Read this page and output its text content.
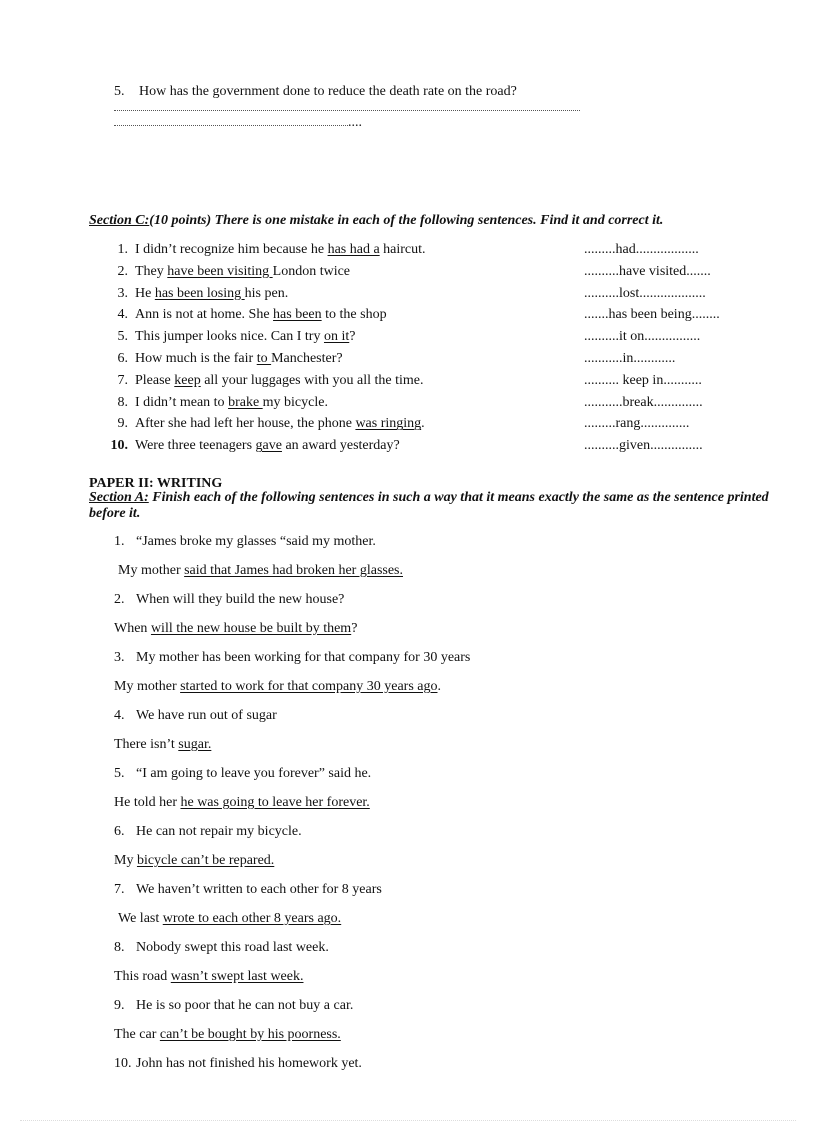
5. How has the government done to reduce the death rate on the road?
....
Section C:(10 points) There is one mistake in each of the following sentences. Find it and correct it.
1. I didn’t recognize him because he has had a haircut.	.........had..................
2. They have been visiting London twice	..........have visited.......
3. He has been losing his pen.	..........lost...................
4. Ann is not at home. She has been to the shop	.......has been being........
5. This jumper looks nice. Can I try on it?	..........it on................
6. How much is the fair to Manchester?	...........in............
7. Please keep all your luggages with you all the time.	.......... keep in...........
8. I didn’t mean to brake my bicycle.	...........break..............
9. After she had left her house, the phone was ringing.	.........rang..............
10. Were three teenagers gave an award yesterday?	..........given...............
PAPER II: WRITING
Section A: Finish each of the following sentences in such a way that it means exactly the same as the sentence printed before it.
1. “James broke my glasses “said my mother.
My mother said that James had broken her glasses.
2. When will they build the new house?
When will the new house be built by them?
3. My mother has been working for that company for 30 years
My mother started to work for that company 30 years ago.
4. We have run out of sugar
There isn’t sugar.
5. “I am going to leave you forever” said he.
He told her he was going to leave her forever.
6. He can not repair my bicycle.
My bicycle can’t be repared.
7. We haven’t written to each other for 8 years
We last wrote to each other 8 years ago.
8. Nobody swept this road last week.
This road wasn’t swept last week.
9. He is so poor that he can not buy a car.
The car can’t be bought by his poorness.
10. John has not finished his homework yet.
